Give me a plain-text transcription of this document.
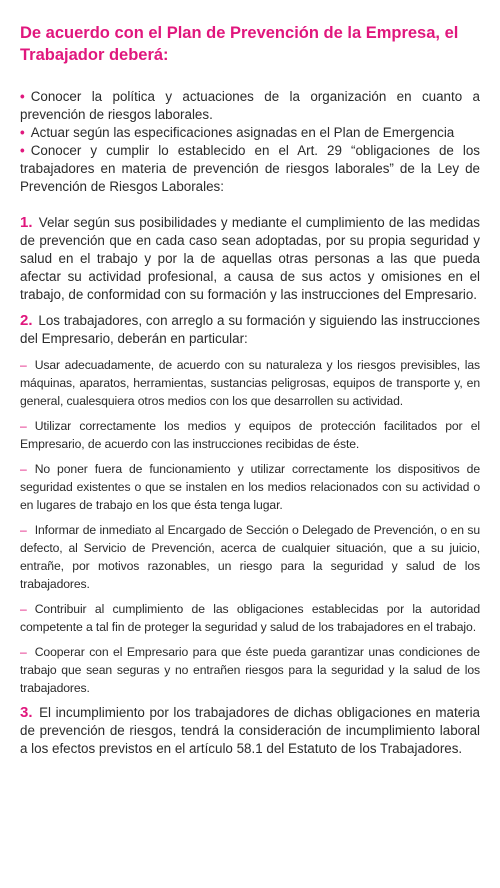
De acuerdo con el Plan de Prevención de la Empresa, el Trabajador deberá:
• Conocer la política y actuaciones de la organización en cuanto a prevención de riesgos laborales.
• Actuar según las especificaciones asignadas en el Plan de Emergencia
• Conocer y cumplir lo establecido en el Art. 29 “obligaciones de los trabajadores en materia de prevención de riesgos laborales” de la Ley de Prevención de Riesgos Laborales:

1. Velar según sus posibilidades y mediante el cumplimiento de las medidas de prevención que en cada caso sean adoptadas, por su propia seguridad y salud en el trabajo y por la de aquellas otras personas a las que pueda afectar su actividad profesional, a causa de sus actos y omisiones en el trabajo, de conformidad con su formación y las instrucciones del Empresario.

2. Los trabajadores, con arreglo a su formación y siguiendo las instrucciones del Empresario, deberán en particular:

– Usar adecuadamente, de acuerdo con su naturaleza y los riesgos previsibles, las máquinas, aparatos, herramientas, sustancias peligrosas, equipos de transporte y, en general, cualesquiera otros medios con los que desarrollen su actividad.
– Utilizar correctamente los medios y equipos de protección facilitados por el Empresario, de acuerdo con las instrucciones recibidas de éste.
– No poner fuera de funcionamiento y utilizar correctamente los dispositivos de seguridad existentes o que se instalen en los medios relacionados con su actividad o en lugares de trabajo en los que ésta tenga lugar.
– Informar de inmediato al Encargado de Sección o Delegado de Prevención, o en su defecto, al Servicio de Prevención, acerca de cualquier situación, que a su juicio, entrañe, por motivos razonables, un riesgo para la seguridad y salud de los trabajadores.
– Contribuir al cumplimiento de las obligaciones establecidas por la autoridad competente a tal fin de proteger la seguridad y salud de los trabajadores en el trabajo.
– Cooperar con el Empresario para que éste pueda garantizar unas condiciones de trabajo que sean seguras y no entrañen riesgos para la seguridad y la salud de los trabajadores.

3. El incumplimiento por los trabajadores de dichas obligaciones en materia de prevención de riesgos, tendrá la consideración de incumplimiento laboral a los efectos previstos en el artículo 58.1 del Estatuto de los Trabajadores.
